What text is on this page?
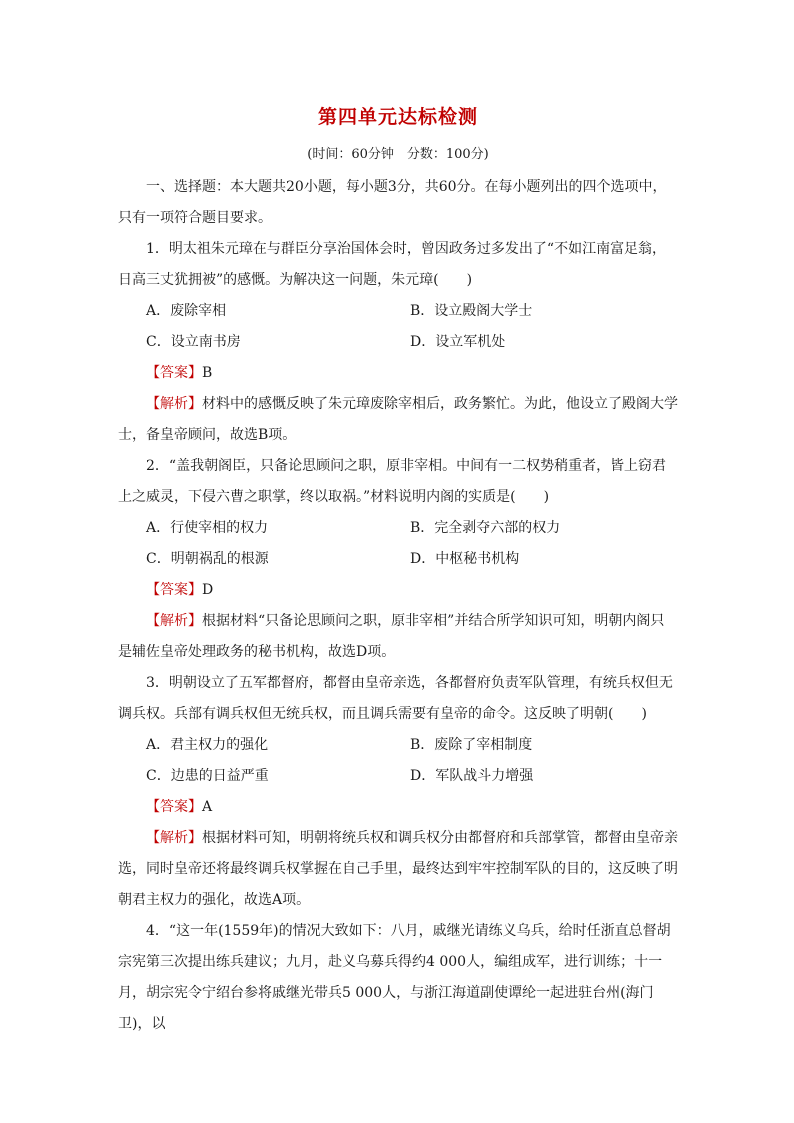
第四单元达标检测
(时间：60分钟　分数：100分)

一、选择题：本大题共20小题，每小题3分，共60分。在每小题列出的四个选项中，只有一项符合题目要求。

1．明太祖朱元璋在与群臣分享治国体会时，曾因政务过多发出了“不如江南富足翁，日高三丈犹拥被”的感慨。为解决这一问题，朱元璋(　　)

A．废除宰相	B．设立殿阁大学士
C．设立南书房	D．设立军机处

【答案】B

【解析】材料中的感慨反映了朱元璋废除宰相后，政务繁忙。为此，他设立了殿阁大学士，备皇帝顾问，故选B项。

2．“盖我朝阁臣，只备论思顾问之职，原非宰相。中间有一二权势稍重者，皆上窃君上之威灵，下侵六曹之职掌，终以取祸。”材料说明内阁的实质是(　　)

A．行使宰相的权力	B．完全剥夺六部的权力
C．明朝祸乱的根源	D．中枢秘书机构

【答案】D

【解析】根据材料“只备论思顾问之职，原非宰相”并结合所学知识可知，明朝内阁只是辅佐皇帝处理政务的秘书机构，故选D项。

3．明朝设立了五军都督府，都督由皇帝亲选，各都督府负责军队管理，有统兵权但无调兵权。兵部有调兵权但无统兵权，而且调兵需要有皇帝的命令。这反映了明朝(　　)

A．君主权力的强化	B．废除了宰相制度
C．边患的日益严重	D．军队战斗力增强

【答案】A

【解析】根据材料可知，明朝将统兵权和调兵权分由都督府和兵部掌管，都督由皇帝亲选，同时皇帝还将最终调兵权掌握在自己手里，最终达到牢牢控制军队的目的，这反映了明朝君主权力的强化，故选A项。

4．“这一年(1559年)的情况大致如下：八月，戚继光请练义乌兵，给时任浙直总督胡宗宪第三次提出练兵建议；九月，赴义乌募兵得约4 000人，编组成军，进行训练；十一月，胡宗宪令宁绍台参将戚继光带兵5 000人，与浙江海道副使谭纶一起进驻台州(海门卫)，以
